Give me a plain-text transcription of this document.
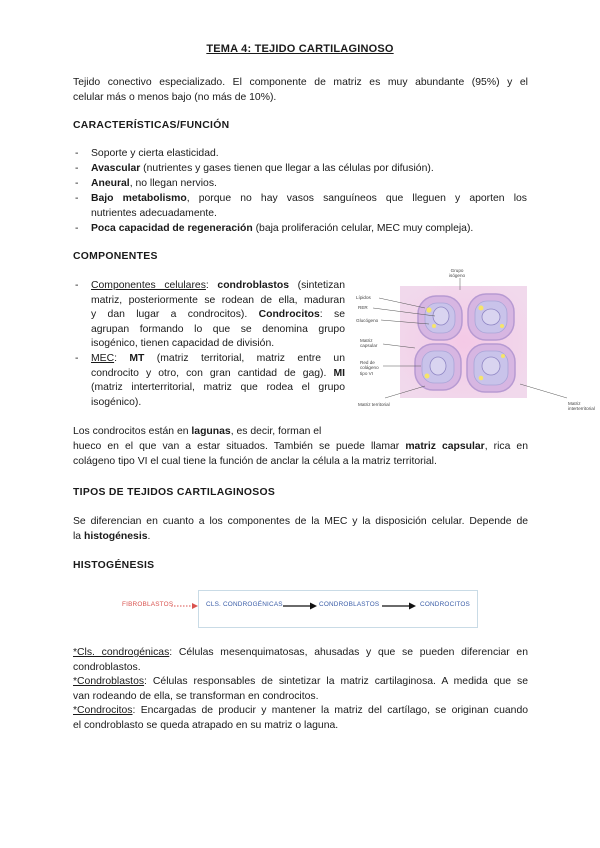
TEMA 4: TEJIDO CARTILAGINOSO
Tejido conectivo especializado. El componente de matriz es muy abundante (95%) y el
celular más o menos bajo (no más de 10%).
CARACTERÍSTICAS/FUNCIÓN
- Soporte y cierta elasticidad.
- Avascular (nutrientes y gases tienen que llegar a las células por difusión).
- Aneural, no llegan nervios.
- Bajo metabolismo, porque no hay vasos sanguíneos que lleguen y aporten los
nutrientes adecuadamente.
- Poca capacidad de regeneración (baja proliferación celular, MEC muy compleja).
COMPONENTES
- Componentes celulares: condroblastos (sintetizan
matriz, posteriormente se rodean de ella, maduran
y dan lugar a condrocitos). Condrocitos: se
agrupan formando lo que se denomina grupo
isogénico, tienen capacidad de división.
- MEC: MT (matriz territorial, matriz entre un
condrocito y otro, con gran cantidad de gag). MI
(matriz interterritorial, matriz que rodea el grupo
isogénico).
Grupo
isógeno
Lípidos
RER
Glucógeno
Matriz
capsular
Red de
colágeno
tipo VI
Matriz territorial	Matriz
interterritorial
Los condrocitos están en lagunas, es decir, forman el
hueco en el que van a estar situados. También se puede llamar matriz capsular, rica en
colágeno tipo VI el cual tiene la función de anclar la célula a la matriz territorial.
TIPOS DE TEJIDOS CARTILAGINOSOS
Se diferencian en cuanto a los componentes de la MEC y la disposición celular. Depende de
la histogénesis.
HISTOGÉNESIS
FIBROBLASTOS	CLS. CONDROGÉNICAS	CONDROBLASTOS	CONDROCITOS
*Cls. condrogénicas: Células mesenquimatosas, ahusadas y que se pueden diferenciar en
condroblastos.
*Condroblastos: Células responsables de sintetizar la matriz cartilaginosa. A medida que se
van rodeando de ella, se transforman en condrocitos.
*Condrocitos: Encargadas de producir y mantener la matriz del cartílago, se originan cuando
el condroblasto se queda atrapado en su matriz o laguna.
